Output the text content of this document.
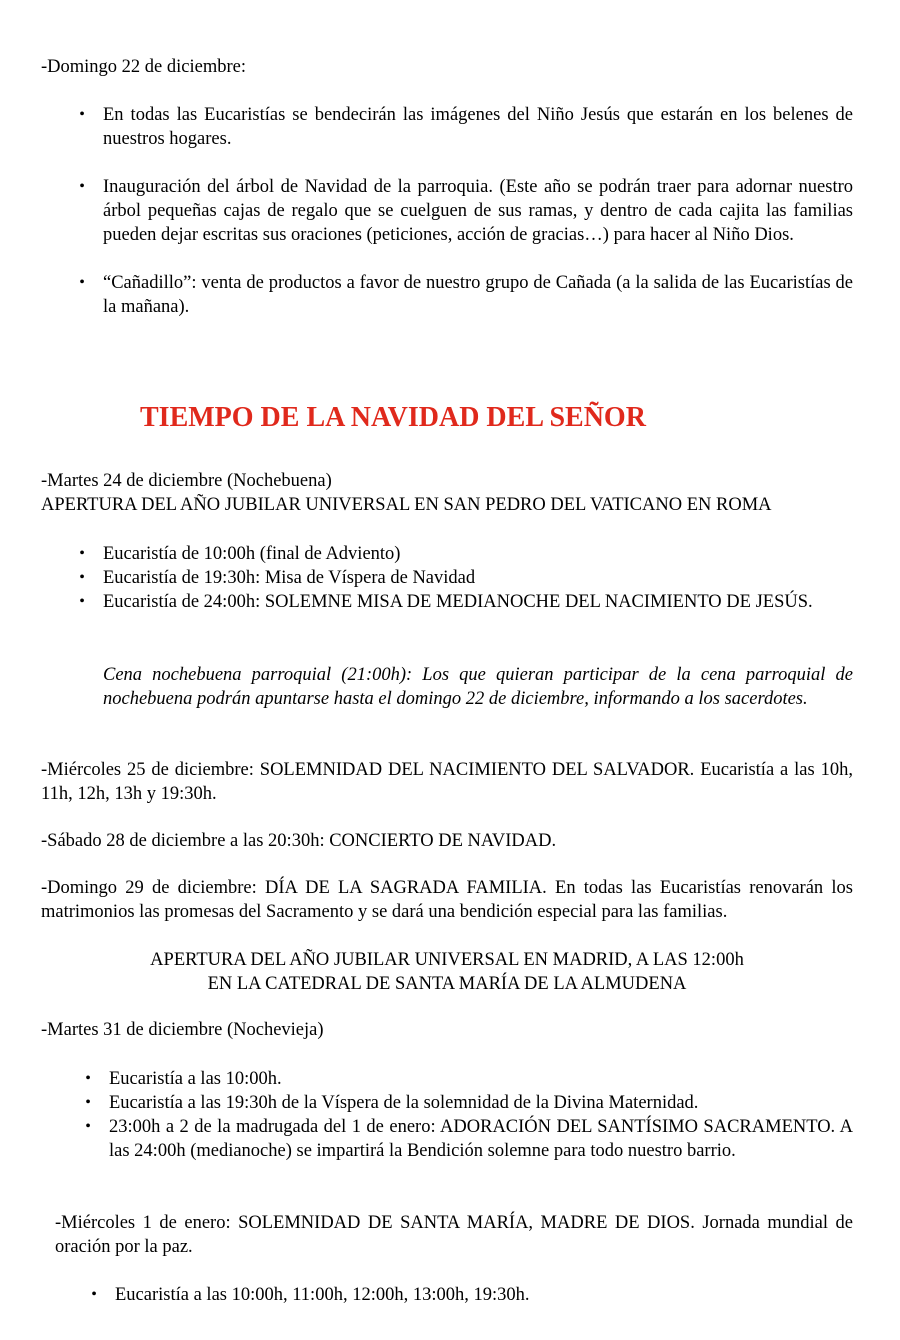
-Domingo 22 de diciembre:

• En todas las Eucaristías se bendecirán las imágenes del Niño Jesús que estarán en los belenes de nuestros hogares.
• Inauguración del árbol de Navidad de la parroquia. (Este año se podrán traer para adornar nuestro árbol pequeñas cajas de regalo que se cuelguen de sus ramas, y dentro de cada cajita las familias pueden dejar escritas sus oraciones (peticiones, acción de gracias…) para hacer al Niño Dios.
• “Cañadillo”: venta de productos a favor de nuestro grupo de Cañada (a la salida de las Eucaristías de la mañana).
TIEMPO DE LA NAVIDAD DEL SEÑOR

-Martes 24 de diciembre (Nochebuena)

APERTURA DEL AÑO JUBILAR UNIVERSAL EN SAN PEDRO DEL VATICANO EN ROMA

• Eucaristía de 10:00h (final de Adviento)
• Eucaristía de 19:30h: Misa de Víspera de Navidad
• Eucaristía de 24:00h: SOLEMNE MISA DE MEDIANOCHE DEL NACIMIENTO DE JESÚS.

Cena nochebuena parroquial (21:00h): Los que quieran participar de la cena parroquial de nochebuena podrán apuntarse hasta el domingo 22 de diciembre, informando a los sacerdotes.

-Miércoles 25 de diciembre: SOLEMNIDAD DEL NACIMIENTO DEL SALVADOR. Eucaristía a las 10h, 11h, 12h, 13h y 19:30h.

-Sábado 28 de diciembre a las 20:30h: CONCIERTO DE NAVIDAD.

-Domingo 29 de diciembre: DÍA DE LA SAGRADA FAMILIA. En todas las Eucaristías renovarán los matrimonios las promesas del Sacramento y se dará una bendición especial para las familias.

APERTURA DEL AÑO JUBILAR UNIVERSAL EN MADRID, A LAS 12:00h

EN LA CATEDRAL DE SANTA MARÍA DE LA ALMUDENA

-Martes 31 de diciembre (Nochevieja)

• Eucaristía a las 10:00h.
• Eucaristía a las 19:30h de la Víspera de la solemnidad de la Divina Maternidad.
• 23:00h a 2 de la madrugada del 1 de enero: ADORACIÓN DEL SANTÍSIMO SACRAMENTO. A las 24:00h (medianoche) se impartirá la Bendición solemne para todo nuestro barrio.

-Miércoles 1 de enero: SOLEMNIDAD DE SANTA MARÍA, MADRE DE DIOS. Jornada mundial de oración por la paz.

• Eucaristía a las 10:00h, 11:00h, 12:00h, 13:00h, 19:30h.
